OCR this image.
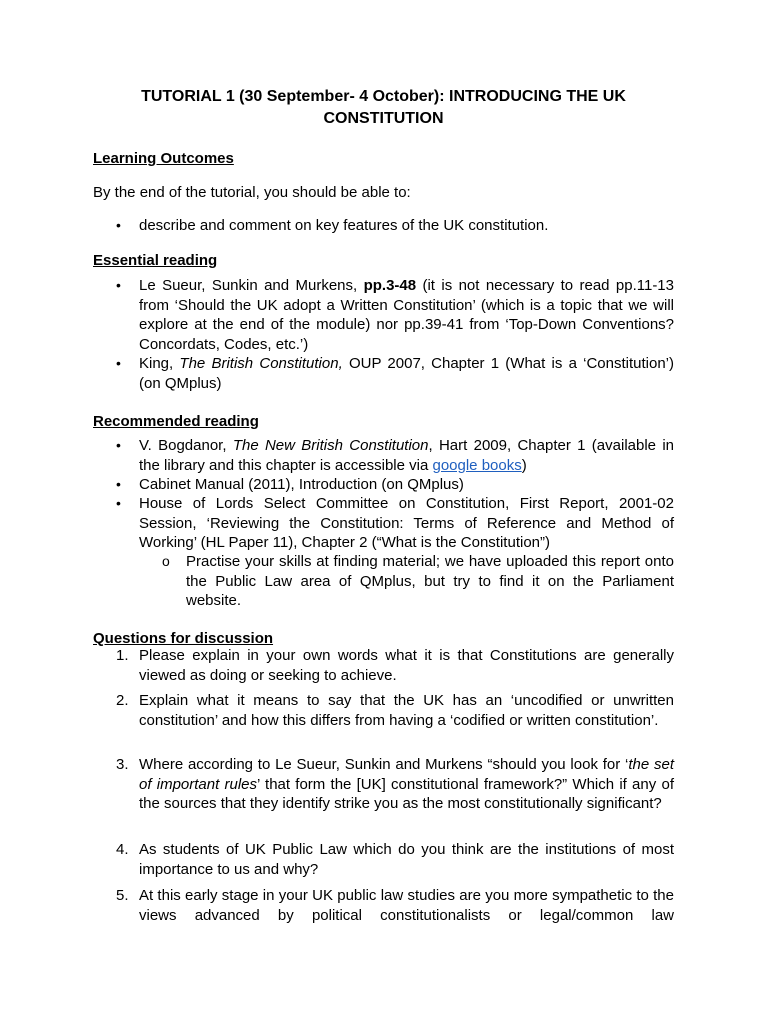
TUTORIAL 1 (30 September- 4 October): INTRODUCING THE UK
CONSTITUTION
Learning Outcomes
By the end of the tutorial, you should be able to:
• describe and comment on key features of the UK constitution.
Essential reading
• Le Sueur, Sunkin and Murkens, pp.3-48 (it is not necessary to read pp.11-13 from ‘Should the UK adopt a Written Constitution’ (which is a topic that we will explore at the end of the module) nor pp.39-41 from ‘Top-Down Conventions? Concordats, Codes, etc.’)
• King, The British Constitution, OUP 2007, Chapter 1 (What is a ‘Constitution’) (on QMplus)
Recommended reading
• V. Bogdanor, The New British Constitution, Hart 2009, Chapter 1 (available in the library and this chapter is accessible via google books)
• Cabinet Manual (2011), Introduction (on QMplus)
• House of Lords Select Committee on Constitution, First Report, 2001-02 Session, ‘Reviewing the Constitution: Terms of Reference and Method of Working’ (HL Paper 11), Chapter 2 (“What is the Constitution”)
o Practise your skills at finding material; we have uploaded this report onto the Public Law area of QMplus, but try to find it on the Parliament website.
Questions for discussion
1. Please explain in your own words what it is that Constitutions are generally viewed as doing or seeking to achieve.
2. Explain what it means to say that the UK has an ‘uncodified or unwritten constitution’ and how this differs from having a ‘codified or written constitution’.
3. Where according to Le Sueur, Sunkin and Murkens “should you look for ‘the set of important rules’ that form the [UK] constitutional framework?” Which if any of the sources that they identify strike you as the most constitutionally significant?
4. As students of UK Public Law which do you think are the institutions of most importance to us and why?
5. At this early stage in your UK public law studies are you more sympathetic to the views advanced by political constitutionalists or legal/common law
